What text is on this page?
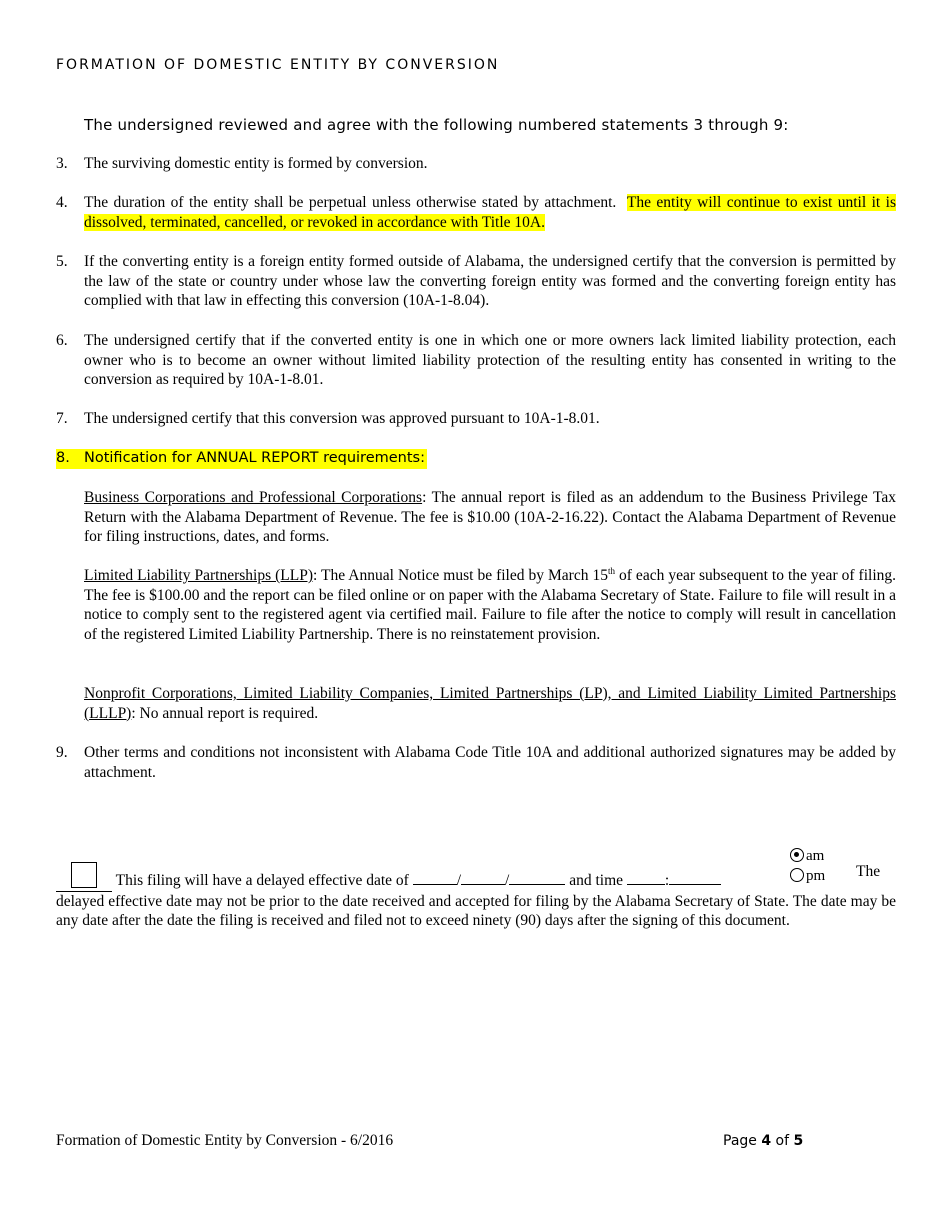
FORMATION OF DOMESTIC ENTITY BY CONVERSION
The undersigned reviewed and agree with the following numbered statements 3 through 9:
3.	The surviving domestic entity is formed by conversion.
4.	The duration of the entity shall be perpetual unless otherwise stated by attachment. The entity will continue to exist until it is dissolved, terminated, cancelled, or revoked in accordance with Title 10A.
5.	If the converting entity is a foreign entity formed outside of Alabama, the undersigned certify that the conversion is permitted by the law of the state or country under whose law the converting foreign entity was formed and the converting foreign entity has complied with that law in effecting this conversion (10A-1-8.04).
6.	The undersigned certify that if the converted entity is one in which one or more owners lack limited liability protection, each owner who is to become an owner without limited liability protection of the resulting entity has consented in writing to the conversion as required by 10A-1-8.01.
7.	The undersigned certify that this conversion was approved pursuant to 10A-1-8.01.
8. Notification for ANNUAL REPORT requirements:
Business Corporations and Professional Corporations: The annual report is filed as an addendum to the Business Privilege Tax Return with the Alabama Department of Revenue. The fee is $10.00 (10A-2-16.22). Contact the Alabama Department of Revenue for filing instructions, dates, and forms.
Limited Liability Partnerships (LLP): The Annual Notice must be filed by March 15th of each year subsequent to the year of filing. The fee is $100.00 and the report can be filed online or on paper with the Alabama Secretary of State. Failure to file will result in a notice to comply sent to the registered agent via certified mail. Failure to file after the notice to comply will result in cancellation of the registered Limited Liability Partnership. There is no reinstatement provision.
Nonprofit Corporations, Limited Liability Companies, Limited Partnerships (LP), and Limited Liability Limited Partnerships (LLLP): No annual report is required.
9.	Other terms and conditions not inconsistent with Alabama Code Title 10A and additional authorized signatures may be added by attachment.
This filing will have a delayed effective date of	/	/	and time :
The
delayed effective date may not be prior to the date received and accepted for filing by the Alabama Secretary of State. The date may be any date after the date the filing is received and filed not to exceed ninety (90) days after the signing of this document.
am
pm
Formation of Domestic Entity by Conversion - 6/2016	Page 4 of 5
